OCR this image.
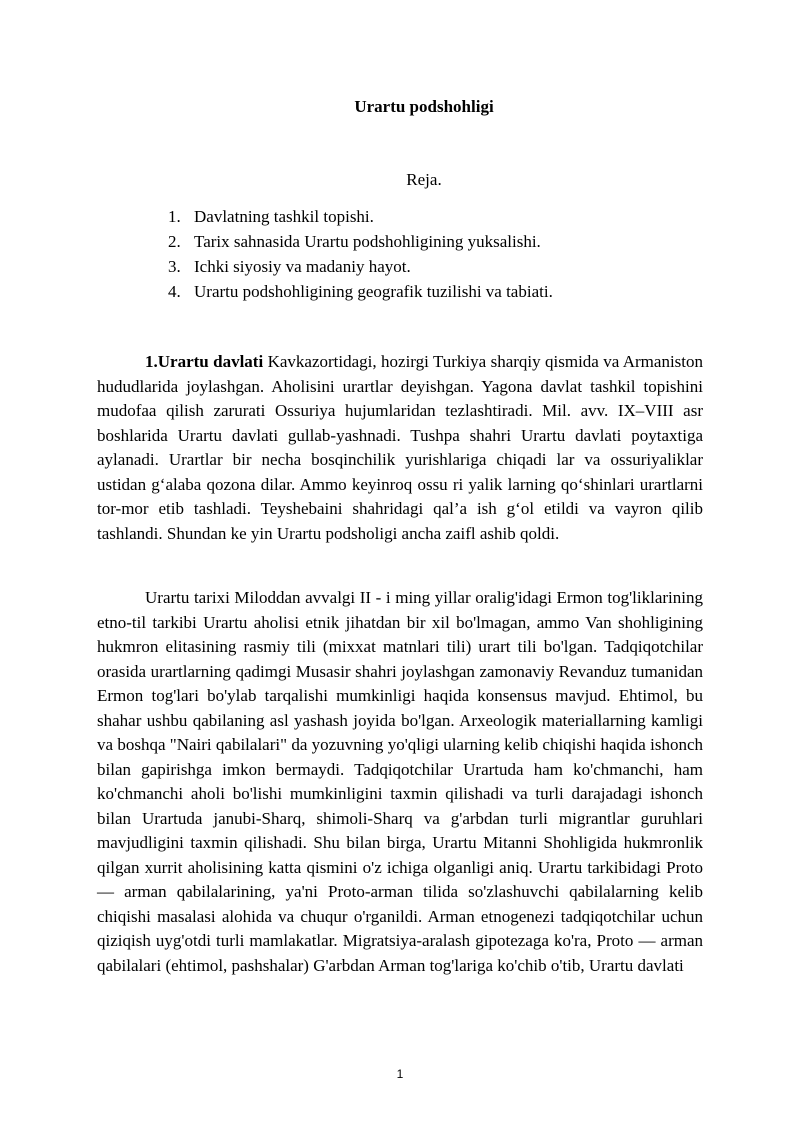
Urartu podshohligi

Reja.

1. Davlatning tashkil topishi.
2. Tarix sahnasida Urartu podshohligining yuksalishi.
3. Ichki siyosiy va madaniy hayot.
4. Urartu podshohligining geografik tuzilishi va tabiati.

1.Urartu davlati Kavkazortidagi, hozirgi Turkiya sharqiy qismida va Armaniston hududlarida joylashgan. Aholisini urartlar deyishgan. Yagona davlat tashkil topishini mudofaa qilish zarurati Ossuriya hujumlaridan tezlashtiradi. Mil. avv. IX–VIII asr boshlarida Urartu davlati gullab-yashnadi. Tushpa shahri Urartu davlati poytaxtiga aylanadi. Urartlar bir necha bosqinchilik yurishlariga chiqadi lar va ossuriyaliklar ustidan gʻalaba qozona dilar. Ammo keyinroq ossu ri yalik larning qoʻshinlari urartlarni tor-mor etib tashladi. Teyshebaini shahridagi qal’a ish gʻol etildi va vayron qilib tashlandi. Shundan ke yin Urartu podsholigi ancha zaifl ashib qoldi.

Urartu tarixi Miloddan avvalgi II - i ming yillar oralig'idagi Ermon tog'liklarining etno-til tarkibi Urartu aholisi etnik jihatdan bir xil bo'lmagan, ammo Van shohligining hukmron elitasining rasmiy tili (mixxat matnlari tili) urart tili bo'lgan. Tadqiqotchilar orasida urartlarning qadimgi Musasir shahri joylashgan zamonaviy Revanduz tumanidan Ermon tog'lari bo'ylab tarqalishi mumkinligi haqida konsensus mavjud. Ehtimol, bu shahar ushbu qabilaning asl yashash joyida bo'lgan. Arxeologik materiallarning kamligi va boshqa "Nairi qabilalari" da yozuvning yo'qligi ularning kelib chiqishi haqida ishonch bilan gapirishga imkon bermaydi. Tadqiqotchilar Urartuda ham ko'chmanchi, ham ko'chmanchi aholi bo'lishi mumkinligini taxmin qilishadi va turli darajadagi ishonch bilan Urartuda janubi-Sharq, shimoli-Sharq va g'arbdan turli migrantlar guruhlari mavjudligini taxmin qilishadi. Shu bilan birga, Urartu Mitanni Shohligida hukmronlik qilgan xurrit aholisining katta qismini o'z ichiga olganligi aniq. Urartu tarkibidagi Proto — arman qabilalarining, ya'ni Proto-arman tilida so'zlashuvchi qabilalarning kelib chiqishi masalasi alohida va chuqur o'rganildi. Arman etnogenezi tadqiqotchilar uchun qiziqish uyg'otdi turli mamlakatlar. Migratsiya-aralash gipotezaga ko'ra, Proto — arman qabilalari (ehtimol, pashshalar) G'arbdan Arman tog'lariga ko'chib o'tib, Urartu davlati

1
